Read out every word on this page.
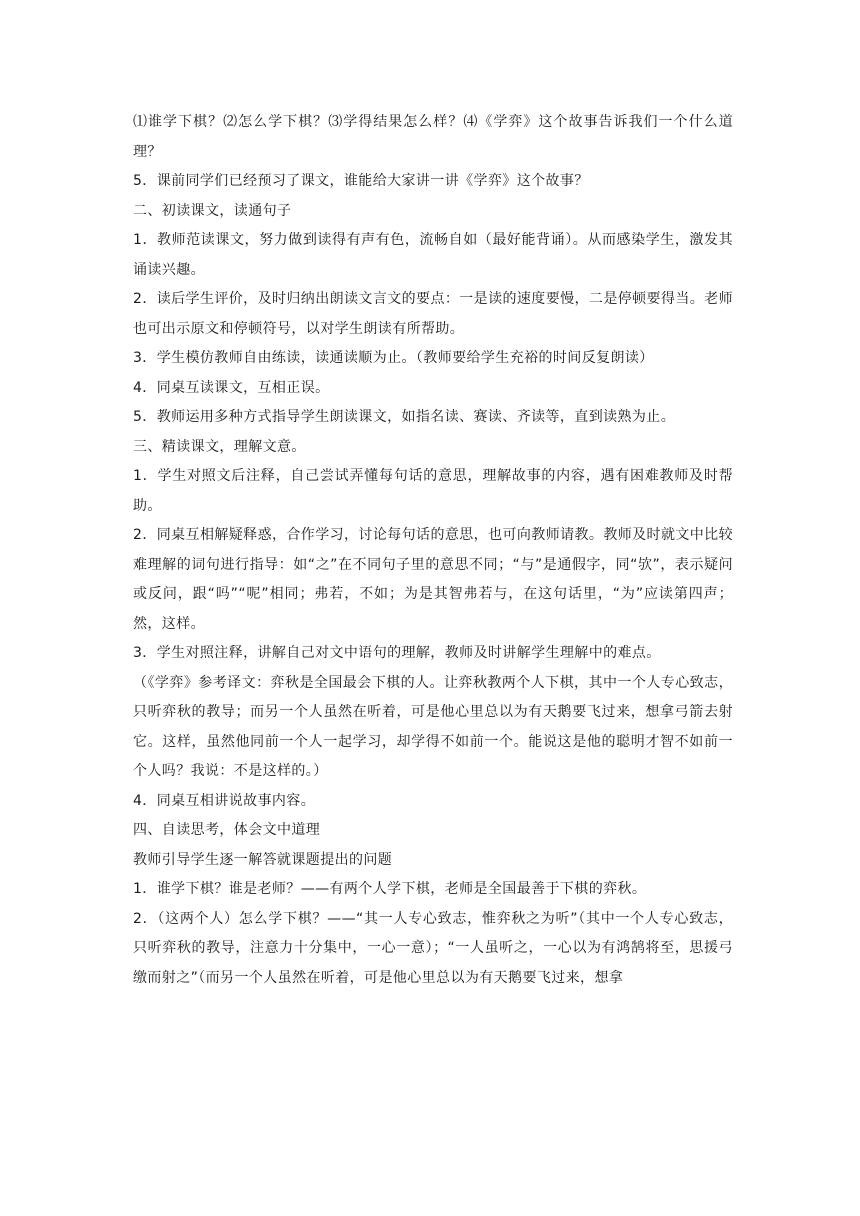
⑴谁学下棋？⑵怎么学下棋？⑶学得结果怎么样？⑷《学弈》这个故事告诉我们一个什么道理？

5．课前同学们已经预习了课文，谁能给大家讲一讲《学弈》这个故事？

二、初读课文，读通句子

1．教师范读课文，努力做到读得有声有色，流畅自如（最好能背诵）。从而感染学生，激发其诵读兴趣。

2．读后学生评价，及时归纳出朗读文言文的要点：一是读的速度要慢，二是停顿要得当。老师也可出示原文和停顿符号，以对学生朗读有所帮助。

3．学生模仿教师自由练读，读通读顺为止。（教师要给学生充裕的时间反复朗读）

4．同桌互读课文，互相正误。

5．教师运用多种方式指导学生朗读课文，如指名读、赛读、齐读等，直到读熟为止。

三、精读课文，理解文意。

1．学生对照文后注释，自己尝试弄懂每句话的意思，理解故事的内容，遇有困难教师及时帮助。

2．同桌互相解疑释惑，合作学习，讨论每句话的意思，也可向教师请教。教师及时就文中比较难理解的词句进行指导：如“之”在不同句子里的意思不同；“与”是通假字，同“欤”，表示疑问或反问，跟“吗”“呢”相同；弗若，不如；为是其智弗若与，在这句话里，“为”应读第四声；然，这样。

3．学生对照注释，讲解自己对文中语句的理解，教师及时讲解学生理解中的难点。

（《学弈》参考译文：弈秋是全国最会下棋的人。让弈秋教两个人下棋，其中一个人专心致志，只听弈秋的教导；而另一个人虽然在听着，可是他心里总以为有天鹅要飞过来，想拿弓箭去射它。这样，虽然他同前一个人一起学习，却学得不如前一个。能说这是他的聪明才智不如前一个人吗？我说：不是这样的。）

4．同桌互相讲说故事内容。

四、自读思考，体会文中道理

教师引导学生逐一解答就课题提出的问题

1．谁学下棋？谁是老师？——有两个人学下棋，老师是全国最善于下棋的弈秋。

2．（这两个人）怎么学下棋？——“其一人专心致志，惟弈秋之为听”（其中一个人专心致志，只听弈秋的教导，注意力十分集中，一心一意）；“一人虽听之，一心以为有鸿鹄将至，思援弓缴而射之”（而另一个人虽然在听着，可是他心里总以为有天鹅要飞过来，想拿
